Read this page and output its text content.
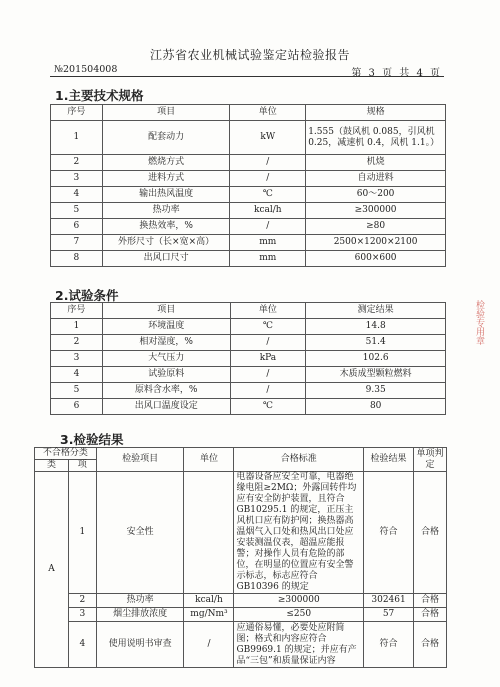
江苏省农业机械试验鉴定站检验报告
№201504008	第 3 页 共 4 页
1.主要技术规格
序号	项目	单位	规格
1	配套动力	kW	1.555（鼓风机 0.085，引风机 0.25，减速机 0.4，风机 1.1。）
2	燃烧方式	/	机烧
3	进料方式	/	自动进料
4	输出热风温度	℃	60～200
5	热功率	kcal/h	≥300000
6	换热效率，%	/	≥80
7	外形尺寸（长×宽×高）	mm	2500×1200×2100
8	出风口尺寸	mm	600×600
2.试验条件
序号	项目	单位	测定结果
1	环境温度	℃	14.8
2	相对湿度，%	/	51.4
3	大气压力	kPa	102.6
4	试验原料	/	木质成型颗粒燃料
5	原料含水率，%	/	9.35
6	出风口温度设定	℃	80
3.检验结果
不合格分类		检验项目	单位	合格标准	检验结果	单项判定
类	项					
A	1	安全性		电器设备应安全可靠，电器绝缘电阻≥2MΩ；外露回转件均应有安全防护装置，且符合 GB10295.1 的规定，正压主风机口应有防护网；换热器高温烟气入口处和热风出口处应安装测温仪表，超温应能报警；对操作人员有危险的部位，在明显的位置应有安全警示标志，标志应符合 GB10396 的规定	符合	合格
	2	热功率	kcal/h	≥300000	302461	合格
	3	烟尘排放浓度	mg/Nm³	≤250	57	合格
	4	使用说明书审查	/	应通俗易懂，必要处应附简图；格式和内容应符合 GB9969.1 的规定；并应有产品“三包”和质量保证内容	符合	合格
检验专用章
